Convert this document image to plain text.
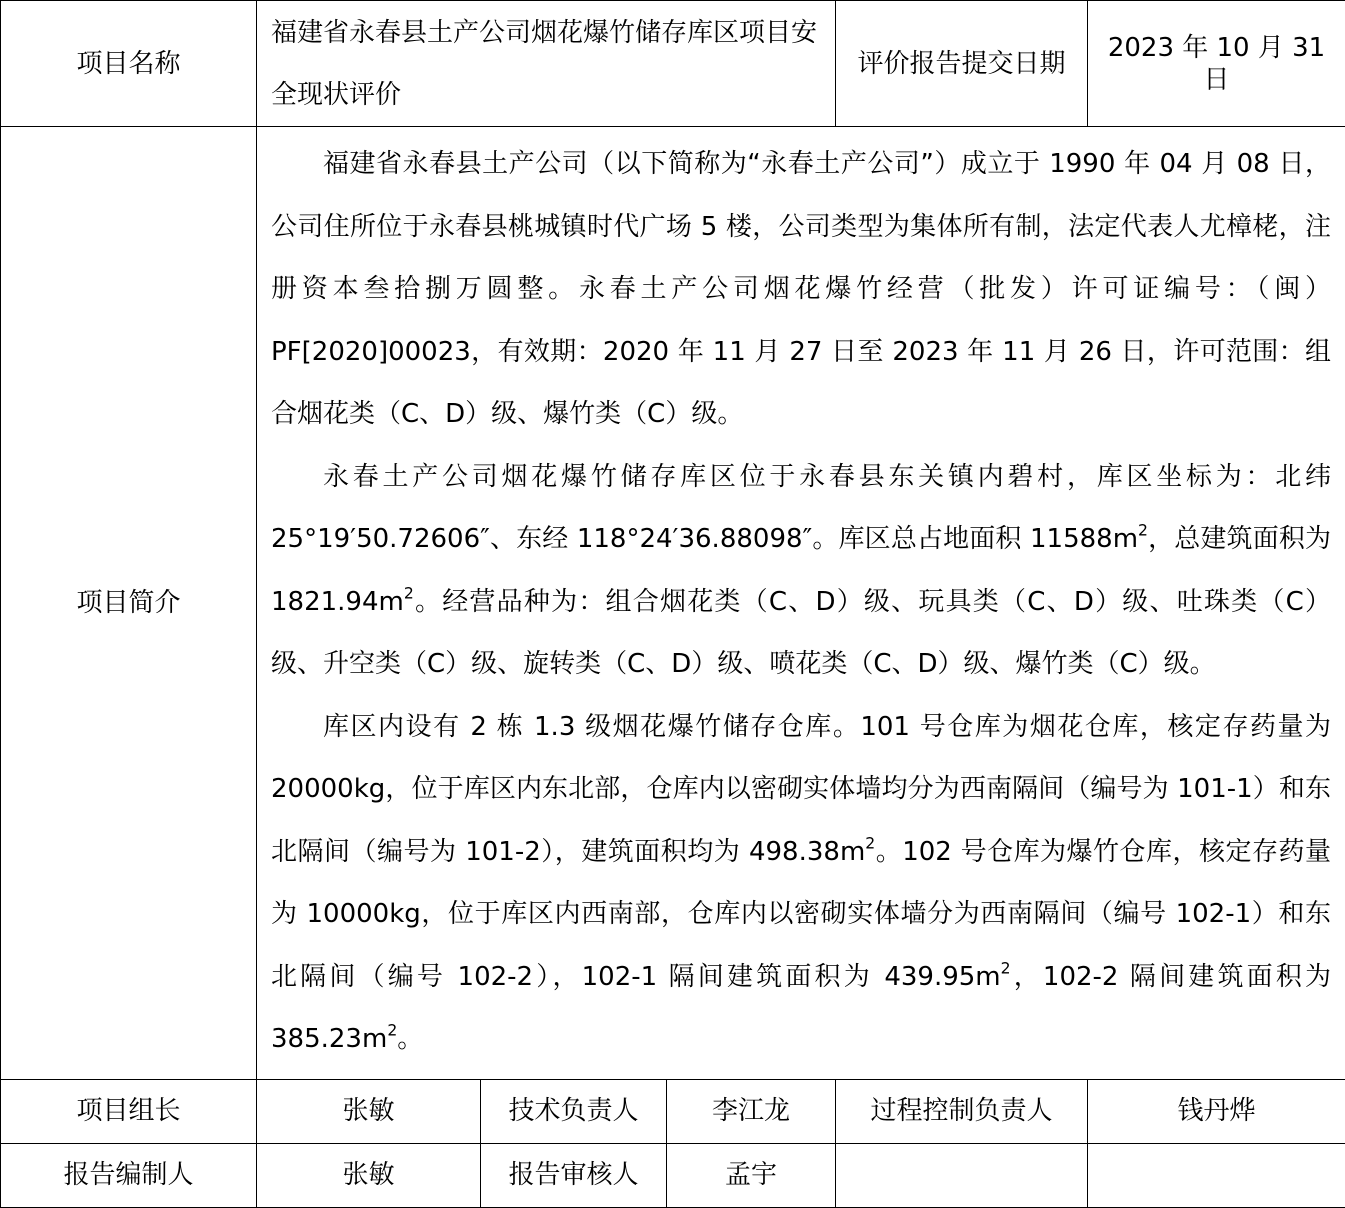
项目名称	福建省永春县土产公司烟花爆竹储存库区项目安全现状评价			评价报告提交日期	2023 年 10 月 31 日
项目简介	福建省永春县土产公司（以下简称为“永春土产公司”）成立于 1990 年 04 月 08 日，公司住所位于永春县桃城镇时代广场 5 楼，公司类型为集体所有制，法定代表人尤樟栳，注册资本叁拾捌万圆整。永春土产公司烟花爆竹经营（批发）许可证编号：（闽）PF[2020]00023，有效期：2020 年 11 月 27 日至 2023 年 11 月 26 日，许可范围：组合烟花类（C、D）级、爆竹类（C）级。

永春土产公司烟花爆竹储存库区位于永春县东关镇内碧村，库区坐标为：北纬 25°19′50.72606″、东经 118°24′36.88098″。库区总占地面积 $11588m^2$，总建筑面积为 $1821.94m^2$。经营品种为：组合烟花类（C、D）级、玩具类（C、D）级、吐珠类（C）级、升空类（C）级、旋转类（C、D）级、喷花类（C、D）级、爆竹类（C）级。

库区内设有 2 栋 1.3 级烟花爆竹储存仓库。101 号仓库为烟花仓库，核定存药量为 20000kg，位于库区内东北部，仓库内以密砌实体墙均分为西南隔间（编号为 101-1）和东北隔间（编号为 101-2），建筑面积均为 $498.38m^2$。102 号仓库为爆竹仓库，核定存药量为 10000kg，位于库区内西南部，仓库内以密砌实体墙分为西南隔间（编号 102-1）和东北隔间（编号 102-2），102-1 隔间建筑面积为 $439.95m^2$，102-2 隔间建筑面积为 $385.23m^2$。				

项目组长	张敏	技术负责人	李江龙	过程控制负责人	钱丹烨
报告编制人	张敏	报告审核人	孟宇		
